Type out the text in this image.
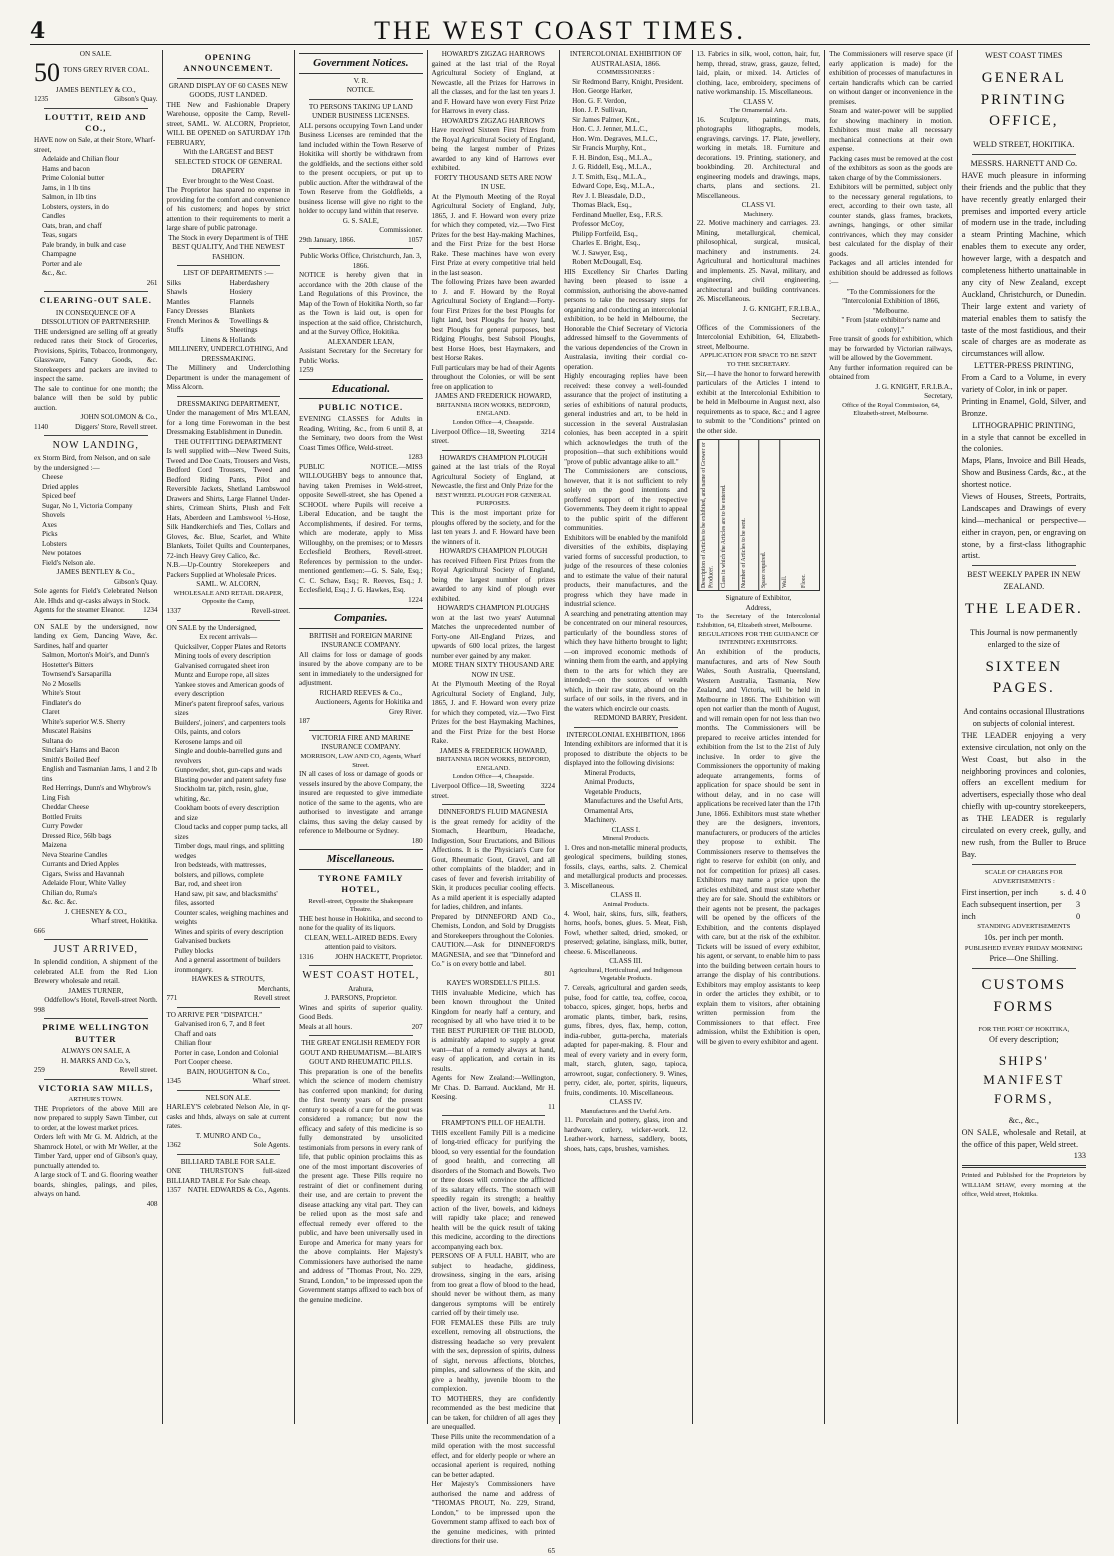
4	THE WEST COAST TIMES.
ON SALE.
50 TONS GREY RIVER COAL.
JAMES BENTLEY & CO.,
1235	Gibson's Quay.
LOUTTIT, REID AND CO.,
HAVE now on Sale, at their Store, Wharf-street,
Adelaide and Chilian flour
Hams and bacon
Prime Colonial butter
Jams, in 1 lb tins
Salmon, in 1lb tins
Lobsters, oysters, in do
Candles
Oats, bran, and chaff
Teas, sugars
Pale brandy, in bulk and case
Champagne
Porter and ale
&c., &c.
261
CLEARING-OUT SALE.
IN CONSEQUENCE OF A DISSOLUTION OF PARTNERSHIP.
THE undersigned are selling off at greatly reduced rates their Stock of Groceries, Provisions, Spirits, Tobacco, Ironmongery, Glassware, Fancy Goods, &c. Storekeepers and packers are invited to inspect the same.
The sale to continue for one month; the balance will then be sold by public auction.
JOHN SOLOMON & Co.,
1140	Diggers' Store, Revell street.
NOW LANDING,
ex Storm Bird, from Nelson, and on sale by the undersigned :—
Cheese
Dried apples
Spiced beef
Sugar, No 1, Victoria Company
Shovels
Axes
Picks
Lobsters
New potatoes
Field's Nelson ale.
JAMES BENTLEY & Co.,
Gibson's Quay.
Sole agents for Field's Celebrated Nelson Ale. Hhds and qr-casks always in Stock.
Agents for the steamer Eleanor.	1234
ON SALE by the undersigned, now landing ex Gem, Dancing Wave, &c. Sardines, half and quarter
Salmon, Morton's Moir's, and Dunn's
Hostetter's Bitters
Townsend's Sarsaparilla
No 2 Mosells
White's Stout
Findlater's do
Claret
White's superior W.S. Sherry
Muscatel Raisins
Sultana do
Sinclair's Hams and Bacon
Smith's Boiled Beef
English and Tasmanian Jams, 1 and 2 lb tins
Red Herrings, Dunn's and Whybrow's Ling Fish
Cheddar Cheese
Bottled Fruits
Curry Powder
Dressed Rice, 56lb bags
Maizena
Neva Stearine Candles
Currants and Dried Apples
Cigars, Swiss and Havannah
Adelaide Flour, White Valley
Chilian do, Ruma's
&c. &c. &c.
J. CHESNEY & CO.,
Wharf street, Hokitika.
666
JUST ARRIVED,
In splendid condition, A shipment of the celebrated ALE from the Red Lion Brewery wholesale and retail.
JAMES TURNER,
Oddfellow's Hotel, Revell-street North.
998
PRIME WELLINGTON BUTTER
ALWAYS ON SALE, A
H. MARKS AND Co.'s,
259	Revell street.
VICTORIA SAW MILLS,
ARTHUR'S TOWN.
THE Proprietors of the above Mill are now prepared to supply Sawn Timber, cut to order, at the lowest market prices.
Orders left with Mr G. M. Aldrich, at the Shamrock Hotel, or with Mr Weller, at the Timber Yard, upper end of Gibson's quay, punctually attended to.
A large stock of T. and G. flooring weather boards, shingles, palings, and piles, always on hand.
408
OPENING ANNOUNCEMENT.
GRAND DISPLAY OF 60 CASES NEW GOODS, JUST LANDED.
THE New and Fashionable Drapery Warehouse, opposite the Camp, Revell-street, SAML. W. ALCORN, Proprietor, WILL BE OPENED on SATURDAY 17th FEBRUARY,
With the LARGEST and BEST SELECTED STOCK OF GENERAL DRAPERY
Ever brought to the West Coast.
The Proprietor has spared no expense in providing for the comfort and convenience of his customers; and hopes by strict attention to their requirements to merit a large share of public patronage.
The Stock in every Department is of THE BEST QUALITY, And THE NEWEST FASHION.
LIST OF DEPARTMENTS :—
Silks
Shawls
Mantles
Fancy Dresses
French Merinos & Stuffs
Haberdashery
Hosiery
Flannels
Blankets
Towellings & Sheetings
Linens & Hollands
MILLINERY, UNDERCLOTHING, And DRESSMAKING.
The Millinery and Underclothing Department is under the management of Miss Alcorn.
DRESSMAKING DEPARTMENT,
Under the management of Mrs M'LEAN, for a long time Forewoman in the best Dressmaking Establishment in Dunedin.
THE OUTFITTING DEPARTMENT
Is well supplied with—New Tweed Suits, Tweed and Doe Coats, Trousers and Vests, Bedford Cord Trousers, Tweed and Bedford Riding Pants, Pilot and Reversible Jackets, Shetland Lambswool Drawers and Shirts, Large Flannel Under-shirts, Crimean Shirts, Plush and Felt Hats, Aberdeen and Lambswool ½-Hose, Silk Handkerchiefs and Ties, Collars and Gloves, &c. Blue, Scarlet, and White Blankets, Toilet Quilts and Counterpanes, 72-inch Heavy Grey Calico, &c.
N.B.—Up-Country Storekeepers and Packers Supplied at Wholesale Prices.
SAML. W. ALCORN,
WHOLESALE AND RETAIL DRAPER, Opposite the Camp,
1337	Revell-street.
ON SALE by the Undersigned,
Ex recent arrivals—
Quicksilver, Copper Plates and Retorts
Mining tools of every description
Galvanised corrugated sheet iron
Muntz and Europe rope, all sizes
Yankee stoves and American goods of every description
Miner's patent fireproof safes, various sizes
Builders', joiners', and carpenters tools
Oils, paints, and colors
Kerosene lamps and oil
Single and double-barrelled guns and revolvers
Gunpowder, shot, gun-caps and wads
Blasting powder and patent safety fuse
Stockholm tar, pitch, resin, glue, whiting, &c.
Cookham boots of every description and size
Cloud tacks and copper pump tacks, all sizes
Timber dogs, maul rings, and splitting wedges
Iron bedsteads, with mattresses, bolsters, and pillows, complete
Bar, rod, and sheet iron
Hand saw, pit saw, and blacksmiths' files, assorted
Counter scales, weighing machines and weights
Wines and spirits of every description
Galvanised buckets
Pulley blocks
And a general assortment of builders ironmongery.
HAWKES & STROUTS,
Merchants,
771	Revell street
TO ARRIVE PER "DISPATCH."
Galvanised iron 6, 7, and 8 feet
Chaff and oats
Chilian flour
Porter in case, London and Colonial
Port Cooper cheese.
BAIN, HOUGHTON & Co.,
1345	Wharf street.
NELSON ALE.
HARLEY'S celebrated Nelson Ale, in qr-casks and hhds, always on sale at current rates.
T. MUNRO AND Co.,
1362	Sole Agents.
BILLIARD TABLE FOR SALE.
ONE THURSTON'S full-sized BILLIARD TABLE For Sale cheap.
1357 NATH. EDWARDS & Co., Agents.
Government Notices.
V. R.
NOTICE.
TO PERSONS TAKING UP LAND UNDER BUSINESS LICENSES.
ALL persons occupying Town Land under Business Licenses are reminded that the land included within the Town Reserve of Hokitika will shortly be withdrawn from the goldfields, and the sections either sold to the present occupiers, or put up to public auction. After the withdrawal of the Town Reserve from the Goldfields, a business license will give no right to the holder to occupy land within that reserve.
G. S. SALE,
Commissioner.
29th January, 1866.	1057
Public Works Office, Christchurch, Jan. 3, 1866.
NOTICE is hereby given that in accordance with the 20th clause of the Land Regulations of this Province, the Map of the Town of Hokitika North, so far as the Town is laid out, is open for inspection at the said office, Christchurch, and at the Survey Office, Hokitika.
ALEXANDER LEAN,
Assistant Secretary for the Secretary for Public Works.
1259
Educational.
PUBLIC NOTICE.
EVENING CLASSES for Adults in Reading, Writing, &c., from 6 until 8, at the Seminary, two doors from the West Coast Times Office, Weld-street.
1283
PUBLIC NOTICE.—MISS WILLOUGHBY begs to announce that, having taken Premises in Weld-street, opposite Sewell-street, she has Opened a SCHOOL where Pupils will receive a Liberal Education, and be taught the Accomplishments, if desired. For terms, which are moderate, apply to Miss Willoughby, on the premises; or to Messrs Ecclesfield Brothers, Revell-street. References by permission to the under-mentioned gentlemen:—G. S. Sale, Esq.; C. C. Schaw, Esq.; R. Reeves, Esq.; J. Ecclesfield, Esq.; J. G. Hawkes, Esq.
1224
Companies.
BRITISH and FOREIGN MARINE INSURANCE COMPANY.
All claims for loss or damage of goods insured by the above company are to be sent in immediately to the undersigned for adjustment.
RICHARD REEVES & Co.,
Auctioneers, Agents for Hokitika and Grey River.
187
VICTORIA FIRE AND MARINE INSURANCE COMPANY.
MORRISON, LAW AND CO, Agents, Wharf Street.
IN all cases of loss or damage of goods or vessels insured by the above Company, the insured are requested to give immediate notice of the same to the agents, who are authorised to investigate and arrange claims, thus saving the delay caused by reference to Melbourne or Sydney.
180
Miscellaneous.
TYRONE FAMILY HOTEL,
Revell-street, Opposite the Shakespeare Theatre.
THE best house in Hokitika, and second to none for the quality of its liquors.
CLEAN, WELL-AIRED BEDS. Every attention paid to visitors.
1316	JOHN HACKETT, Proprietor.
WEST COAST HOTEL,
Arahura,
J. PARSONS, Proprietor.
Wines and spirits of superior quality. Good Beds.
Meals at all hours.	207
THE GREAT ENGLISH REMEDY FOR GOUT AND RHEUMATISM.—BLAIR'S GOUT AND RHEUMATIC PILLS.
This preparation is one of the benefits which the science of modern chemistry has conferred upon mankind; for during the first twenty years of the present century to speak of a cure for the gout was considered a romance; but now the efficacy and safety of this medicine is so fully demonstrated by unsolicited testimonials from persons in every rank of life, that public opinion proclaims this as one of the most important discoveries of the present age. These Pills require no restraint of diet or confinement during their use, and are certain to prevent the disease attacking any vital part. They can be relied upon as the most safe and effectual remedy ever offered to the public, and have been universally used in Europe and America for many years for the above complaints. Her Majesty's Commissioners have authorised the name and address of "Thomas Prout, No. 229, Strand, London," to be impressed upon the Government stamps affixed to each box of the genuine medicine.
HOWARD'S ZIGZAG HARROWS
gained at the last trial of the Royal Agricultural Society of England, at Newcastle, all the Prizes for Harrows in all the classes, and for the last ten years J. and F. Howard have won every First Prize for Harrows in every class.
HOWARD'S ZIGZAG HARROWS
Have received Sixteen First Prizes from the Royal Agricultural Society of England, being the largest number of Prizes awarded to any kind of Harrows ever exhibited.
FORTY THOUSAND SETS ARE NOW IN USE.
At the Plymouth Meeting of the Royal Agricultural Society of England, July, 1865, J. and F. Howard won every prize for which they competed, viz.—Two First Prizes for the best Hay-making Machines, and the First Prize for the best Horse Rake. These machines have won every First Prize at every competitive trial held in the last season.
The following Prizes have been awarded to J. and F. Howard by the Royal Agricultural Society of England:—Forty-four First Prizes for the best Ploughs for light land, best Ploughs for heavy land, best Ploughs for general purposes, best Ridging Ploughs, best Subsoil Ploughs, best Horse Hoes, best Haymakers, and best Horse Rakes.
Full particulars may be had of their Agents throughout the Colonies, or will be sent free on application to
JAMES AND FREDERICK HOWARD,
BRITANNIA IRON WORKS, BEDFORD, ENGLAND.
London Office—4, Cheapside.
Liverpool Office—18, Sweeting street.
3214
HOWARD'S CHAMPION PLOUGH
gained at the last trials of the Royal Agricultural Society of England, at Newcastle, the first and Only Prize for the
BEST WHEEL PLOUGH FOR GENERAL PURPOSES.
This is the most important prize for ploughs offered by the society, and for the last ten years J. and F. Howard have been the winners of it.
HOWARD'S CHAMPION PLOUGH
has received Fifteen First Prizes from the Royal Agricultural Society of England, being the largest number of prizes awarded to any kind of plough ever exhibited.
HOWARD'S CHAMPION PLOUGHS
won at the last two years' Autumnal Matches the unprecedented number of Forty-one All-England Prizes, and upwards of 600 local prizes, the largest number ever gained by any maker.
MORE THAN SIXTY THOUSAND ARE NOW IN USE.
At the Plymouth Meeting of the Royal Agricultural Society of England, July, 1865, J. and F. Howard won every prize for which they competed, viz.—Two First Prizes for the best Haymaking Machines, and the First Prize for the best Horse Rake.
JAMES & FREDERICK HOWARD,
BRITANNIA IRON WORKS, BEDFORD, ENGLAND.
London Office—4, Cheapside.
Liverpool Office—18, Sweeting street.
3224
DINNEFORD'S FLUID MAGNESIA
is the great remedy for acidity of the Stomach, Heartburn, Headache, Indigestion, Sour Eructations, and Bilious Affections. It is the Physician's Cure for Gout, Rheumatic Gout, Gravel, and all other complaints of the bladder; and in cases of fever and feverish irritability of Skin, it produces peculiar cooling effects. As a mild aperient it is especially adapted for ladies, children, and infants.
Prepared by DINNEFORD AND Co., Chemists, London, and Sold by Druggists and Storekeepers throughout the Colonies.
CAUTION.—Ask for DINNEFORD'S MAGNESIA, and see that "Dinneford and Co." is on every bottle and label.
801
KAYE'S WORSDELL'S PILLS.
THIS invaluable Medicine, which has been known throughout the United Kingdom for nearly half a century, and recognised by all who have tried it to be THE BEST PURIFIER OF THE BLOOD, is admirably adapted to supply a great want—that of a remedy always at hand, easy of application, and certain in its results.
Agents for New Zealand:—Wellington, Mr Chas. D. Barraud. Auckland, Mr H. Keesing.
11
FRAMPTON'S PILL OF HEALTH.
THIS excellent Family Pill is a medicine of long-tried efficacy for purifying the blood, so very essential for the foundation of good health, and correcting all disorders of the Stomach and Bowels. Two or three doses will convince the afflicted of its salutary effects. The stomach will speedily regain its strength; a healthy action of the liver, bowels, and kidneys will rapidly take place; and renewed health will be the quick result of taking this medicine, according to the directions accompanying each box.
PERSONS OF A FULL HABIT, who are subject to headache, giddiness, drowsiness, singing in the ears, arising from too great a flow of blood to the head, should never be without them, as many dangerous symptoms will be entirely carried off by their timely use.
FOR FEMALES these Pills are truly excellent, removing all obstructions, the distressing headache so very prevalent with the sex, depression of spirits, dulness of sight, nervous affections, blotches, pimples, and sallowness of the skin, and give a healthy, juvenile bloom to the complexion.
TO MOTHERS, they are confidently recommended as the best medicine that can be taken, for children of all ages they are unequalled.
These Pills unite the recommendation of a mild operation with the most successful effect, and for elderly people or where an occasional aperient is required, nothing can be better adapted.
Her Majesty's Commissioners have authorised the name and address of "THOMAS PROUT, No. 229, Strand, London," to be impressed upon the Government stamp affixed to each box of the genuine medicines, with printed directions for their use.
65
INTERCOLONIAL EXHIBITION OF AUSTRALASIA, 1866.
COMMISSIONERS :
Sir Redmond Barry, Knight, President.
Hon. George Harker,
Hon. G. F. Verdon,
Hon. J. P. Sullivan,
Sir James Palmer, Knt.,
Hon. C. J. Jenner, M.L.C.,
Hon. Wm. Degraves, M.L.C.,
Sir Francis Murphy, Knt.,
F. H. Bindon, Esq., M.L.A.,
J. G. Riddell, Esq., M.L.A.,
J. T. Smith, Esq., M.L.A.,
Edward Cope, Esq., M.L.A.,
Rev J. I. Bleasdale, D.D.,
Thomas Black, Esq.,
Ferdinand Mueller, Esq., F.R.S.
Professor McCoy,
Philipp Fortfeild, Esq.,
Charles E. Bright, Esq.,
W. J. Sawyer, Esq.,
Robert McDougall, Esq.
HIS Excellency Sir Charles Darling having been pleased to issue a commission, authorising the above-named persons to take the necessary steps for organizing and conducting an intercolonial exhibition, to be held in Melbourne, the Honorable the Chief Secretary of Victoria addressed himself to the Governments of the various dependencies of the Crown in Australasia, inviting their cordial co-operation.
Highly encouraging replies have been received: these convey a well-founded assurance that the project of instituting a series of exhibitions of natural products, general industries and art, to be held in succession in the several Australasian colonies, has been accepted in a spirit which acknowledges the truth of the proposition—that such exhibitions would "prove of public advantage alike to all."
The Commissioners are conscious, however, that it is not sufficient to rely solely on the good intentions and proffered support of the respective Governments. They deem it right to appeal to the public spirit of the different communities.
Exhibitors will be enabled by the manifold diversities of the exhibits, displaying varied forms of successful production, to judge of the resources of these colonies and to estimate the value of their natural products, their manufactures, and the progress which they have made in industrial science.
A searching and penetrating attention may be concentrated on our mineral resources, particularly of the boundless stores of which they have hitherto brought to light;—on improved economic methods of winning them from the earth, and applying them to the arts for which they are intended;—on the sources of wealth which, in their raw state, abound on the surface of our soils, in the rivers, and in the waters which encircle our coasts.
REDMOND BARRY, President.
INTERCOLONIAL EXHIBITION, 1866
Intending exhibitors are informed that it is proposed to distribute the objects to be displayed into the following divisions:
Mineral Products,
Animal Products,
Vegetable Products,
Manufactures and the Useful Arts,
Ornamental Arts,
Machinery.
CLASS I.
Mineral Products.
1. Ores and non-metallic mineral products, geological specimens, building stones, fossils, clays, earths, salts. 2. Chemical and metallurgical products and processes. 3. Miscellaneous.
CLASS II.
Animal Products.
4. Wool, hair, skins, furs, silk, feathers, horns, hoofs, bones, glues. 5. Meat, Fish, Fowl, whether salted, dried, smoked, or preserved; gelatine, isinglass, milk, butter, cheese. 6. Miscellaneous.
CLASS III.
Agricultural, Horticultural, and Indigenous Vegetable Products.
7. Cereals, agricultural and garden seeds, pulse, food for cattle, tea, coffee, cocoa, tobacco, spices, ginger, hops, herbs and aromatic plants, timber, bark, resins, gums, fibres, dyes, flax, hemp, cotton, india-rubber, gutta-percha, materials adapted for paper-making. 8. Flour and meal of every variety and in every form, malt, starch, gluten, sago, tapioca, arrowroot, sugar, confectionery. 9. Wines, perry, cider, ale, porter, spirits, liqueurs, fruits, condiments. 10. Miscellaneous.
CLASS IV.
Manufactures and the Useful Arts.
11. Porcelain and pottery, glass, iron and hardware, cutlery, wicker-work. 12. Leather-work, harness, saddlery, boots, shoes, hats, caps, brushes, varnishes.
13. Fabrics in silk, wool, cotton, hair, fur, hemp, thread, straw, grass, gauze, felted, laid, plain, or mixed. 14. Articles of clothing, lace, embroidery, specimens of native workmanship. 15. Miscellaneous.
CLASS V.
The Ornamental Arts.
16. Sculpture, paintings, mats, photographs lithographs, models, engravings, carvings. 17. Plate, jewellery, working in metals. 18. Furniture and decorations. 19. Printing, stationery, and bookbinding. 20. Architectural and engineering models and drawings, maps, charts, plans and sections. 21. Miscellaneous.
CLASS VI.
Machinery.
22. Motive machinery and carriages. 23. Mining, metallurgical, chemical, philosophical, surgical, musical, machinery and instruments. 24. Agricultural and horticultural machines and implements. 25. Naval, military, and engineering, civil engineering, architectural and building contrivances. 26. Miscellaneous.
J. G. KNIGHT, F.R.I.B.A.,
Secretary.
Offices of the Commissioners of the Intercolonial Exhibition, 64, Elizabeth-street, Melbourne.
APPLICATION FOR SPACE TO BE SENT TO THE SECRETARY.
Sir,—I have the honor to forward herewith particulars of the Articles I intend to exhibit at the Intercolonial Exhibition to be held in Melbourne in August next, also requirements as to space, &c.; and I agree to submit to the "Conditions" printed on the other side.
Description of Articles to be exhibited, and name of Grower or Producer.	Class in which the Articles are to be entered.	Number of Articles to be sent.	Space required.	Wall.	Floor.
Signature of Exhibitor,
Address,
To the Secretary of the Intercolonial Exhibition, 64, Elizabeth street, Melbourne.
REGULATIONS FOR THE GUIDANCE OF INTENDING EXHIBITORS.
An exhibition of the products, manufactures, and arts of New South Wales, South Australia, Queensland, Western Australia, Tasmania, New Zealand, and Victoria, will be held in Melbourne in 1866. The Exhibition will open not earlier than the month of August, and will remain open for not less than two months. The Commissioners will be prepared to receive articles intended for exhibition from the 1st to the 21st of July inclusive. In order to give the Commissioners the opportunity of making adequate arrangements, forms of application for space should be sent in without delay, and in no case will applications be received later than the 17th June, 1866. Exhibitors must state whether they are the designers, inventors, manufacturers, or producers of the articles they propose to exhibit. The Commissioners reserve to themselves the right to reserve for exhibit (on only, and not for competition for prizes) all cases. Exhibitors may name a price upon the articles exhibited, and must state whether they are for sale. Should the exhibitors or their agents not be present, the packages will be opened by the officers of the Exhibition, and the contents displayed with care, but at the risk of the exhibitor. Tickets will be issued of every exhibitor, his agent, or servant, to enable him to pass into the building between certain hours to arrange the display of his contributions. Exhibitors may employ assistants to keep in order the articles they exhibit, or to explain them to visitors, after obtaining written permission from the Commissioners to that effect. Free admission, whilst the Exhibition is open, will be given to every exhibitor and agent.
The Commissioners will reserve space (if early application is made) for the exhibition of processes of manufactures in certain handicrafts which can be carried on without danger or inconvenience in the premises.
Steam and water-power will be supplied for showing machinery in motion. Exhibitors must make all necessary mechanical connections at their own expense.
Packing cases must be removed at the cost of the exhibitors as soon as the goods are taken charge of by the Commissioners.
Exhibitors will be permitted, subject only to the necessary general regulations, to erect, according to their own taste, all counter stands, glass frames, brackets, awnings, hangings, or other similar contrivances, which they may consider best calculated for the display of their goods.
Packages and all articles intended for exhibition should be addressed as follows :—
"To the Commissioners for the "Intercolonial Exhibition of 1866, "Melbourne.
" From [state exhibitor's name and colony]."
Free transit of goods for exhibition, which may be forwarded by Victorian railways, will be allowed by the Government.
Any further information required can be obtained from
J. G. KNIGHT, F.R.I.B.A.,
Secretary,
Office of the Royal Commission, 64, Elizabeth-street, Melbourne.
WEST COAST TIMES
GENERAL PRINTING OFFICE,
WELD STREET, HOKITIKA.
MESSRS. HARNETT AND Co.
HAVE much pleasure in informing their friends and the public that they have recently greatly enlarged their premises and imported every article of modern use in the trade, including a steam Printing Machine, which enables them to execute any order, however large, with a despatch and completeness hitherto unattainable in any city of New Zealand, except Auckland, Christchurch, or Dunedin. Their large extent and variety of material enables them to satisfy the taste of the most fastidious, and their scale of charges are as moderate as circumstances will allow.
LETTER-PRESS PRINTING,
From a Card to a Volume, in every variety of Color, in ink or paper.
Printing in Enamel, Gold, Silver, and Bronze.
LITHOGRAPHIC PRINTING,
in a style that cannot be excelled in the colonies.
Maps, Plans, Invoice and Bill Heads, Show and Business Cards, &c., at the shortest notice.
Views of Houses, Streets, Portraits, Landscapes and Drawings of every kind—mechanical or perspective—either in crayon, pen, or engraving on stone, by a first-class lithographic artist.
BEST WEEKLY PAPER IN NEW ZEALAND.
THE LEADER.
This Journal is now permanently enlarged to the size of
SIXTEEN PAGES.
And contains occasional Illustrations on subjects of colonial interest.
THE LEADER enjoying a very extensive circulation, not only on the West Coast, but also in the neighboring provinces and colonies, offers an excellent medium for advertisers, especially those who deal chiefly with up-country storekeepers, as THE LEADER is regularly circulated on every creek, gully, and new rush, from the Buller to Bruce Bay.
SCALE OF CHARGES FOR ADVERTISEMENTS :
First insertion, per inch	s. d. 4 0
Each subsequent insertion, per inch
3 0
STANDING ADVERTISEMENTS
10s. per inch per month.
PUBLISHED EVERY FRIDAY MORNING
Price—One Shilling.
CUSTOMS FORMS
FOR THE PORT OF HOKITIKA,
Of every description;
SHIPS' MANIFEST FORMS,
&c., &c.,
ON SALE, wholesale and Retail, at the office of this paper, Weld street.
133
Printed and Published for the Proprietors by WILLIAM SHAW, every morning at the office, Weld street, Hokitika.
